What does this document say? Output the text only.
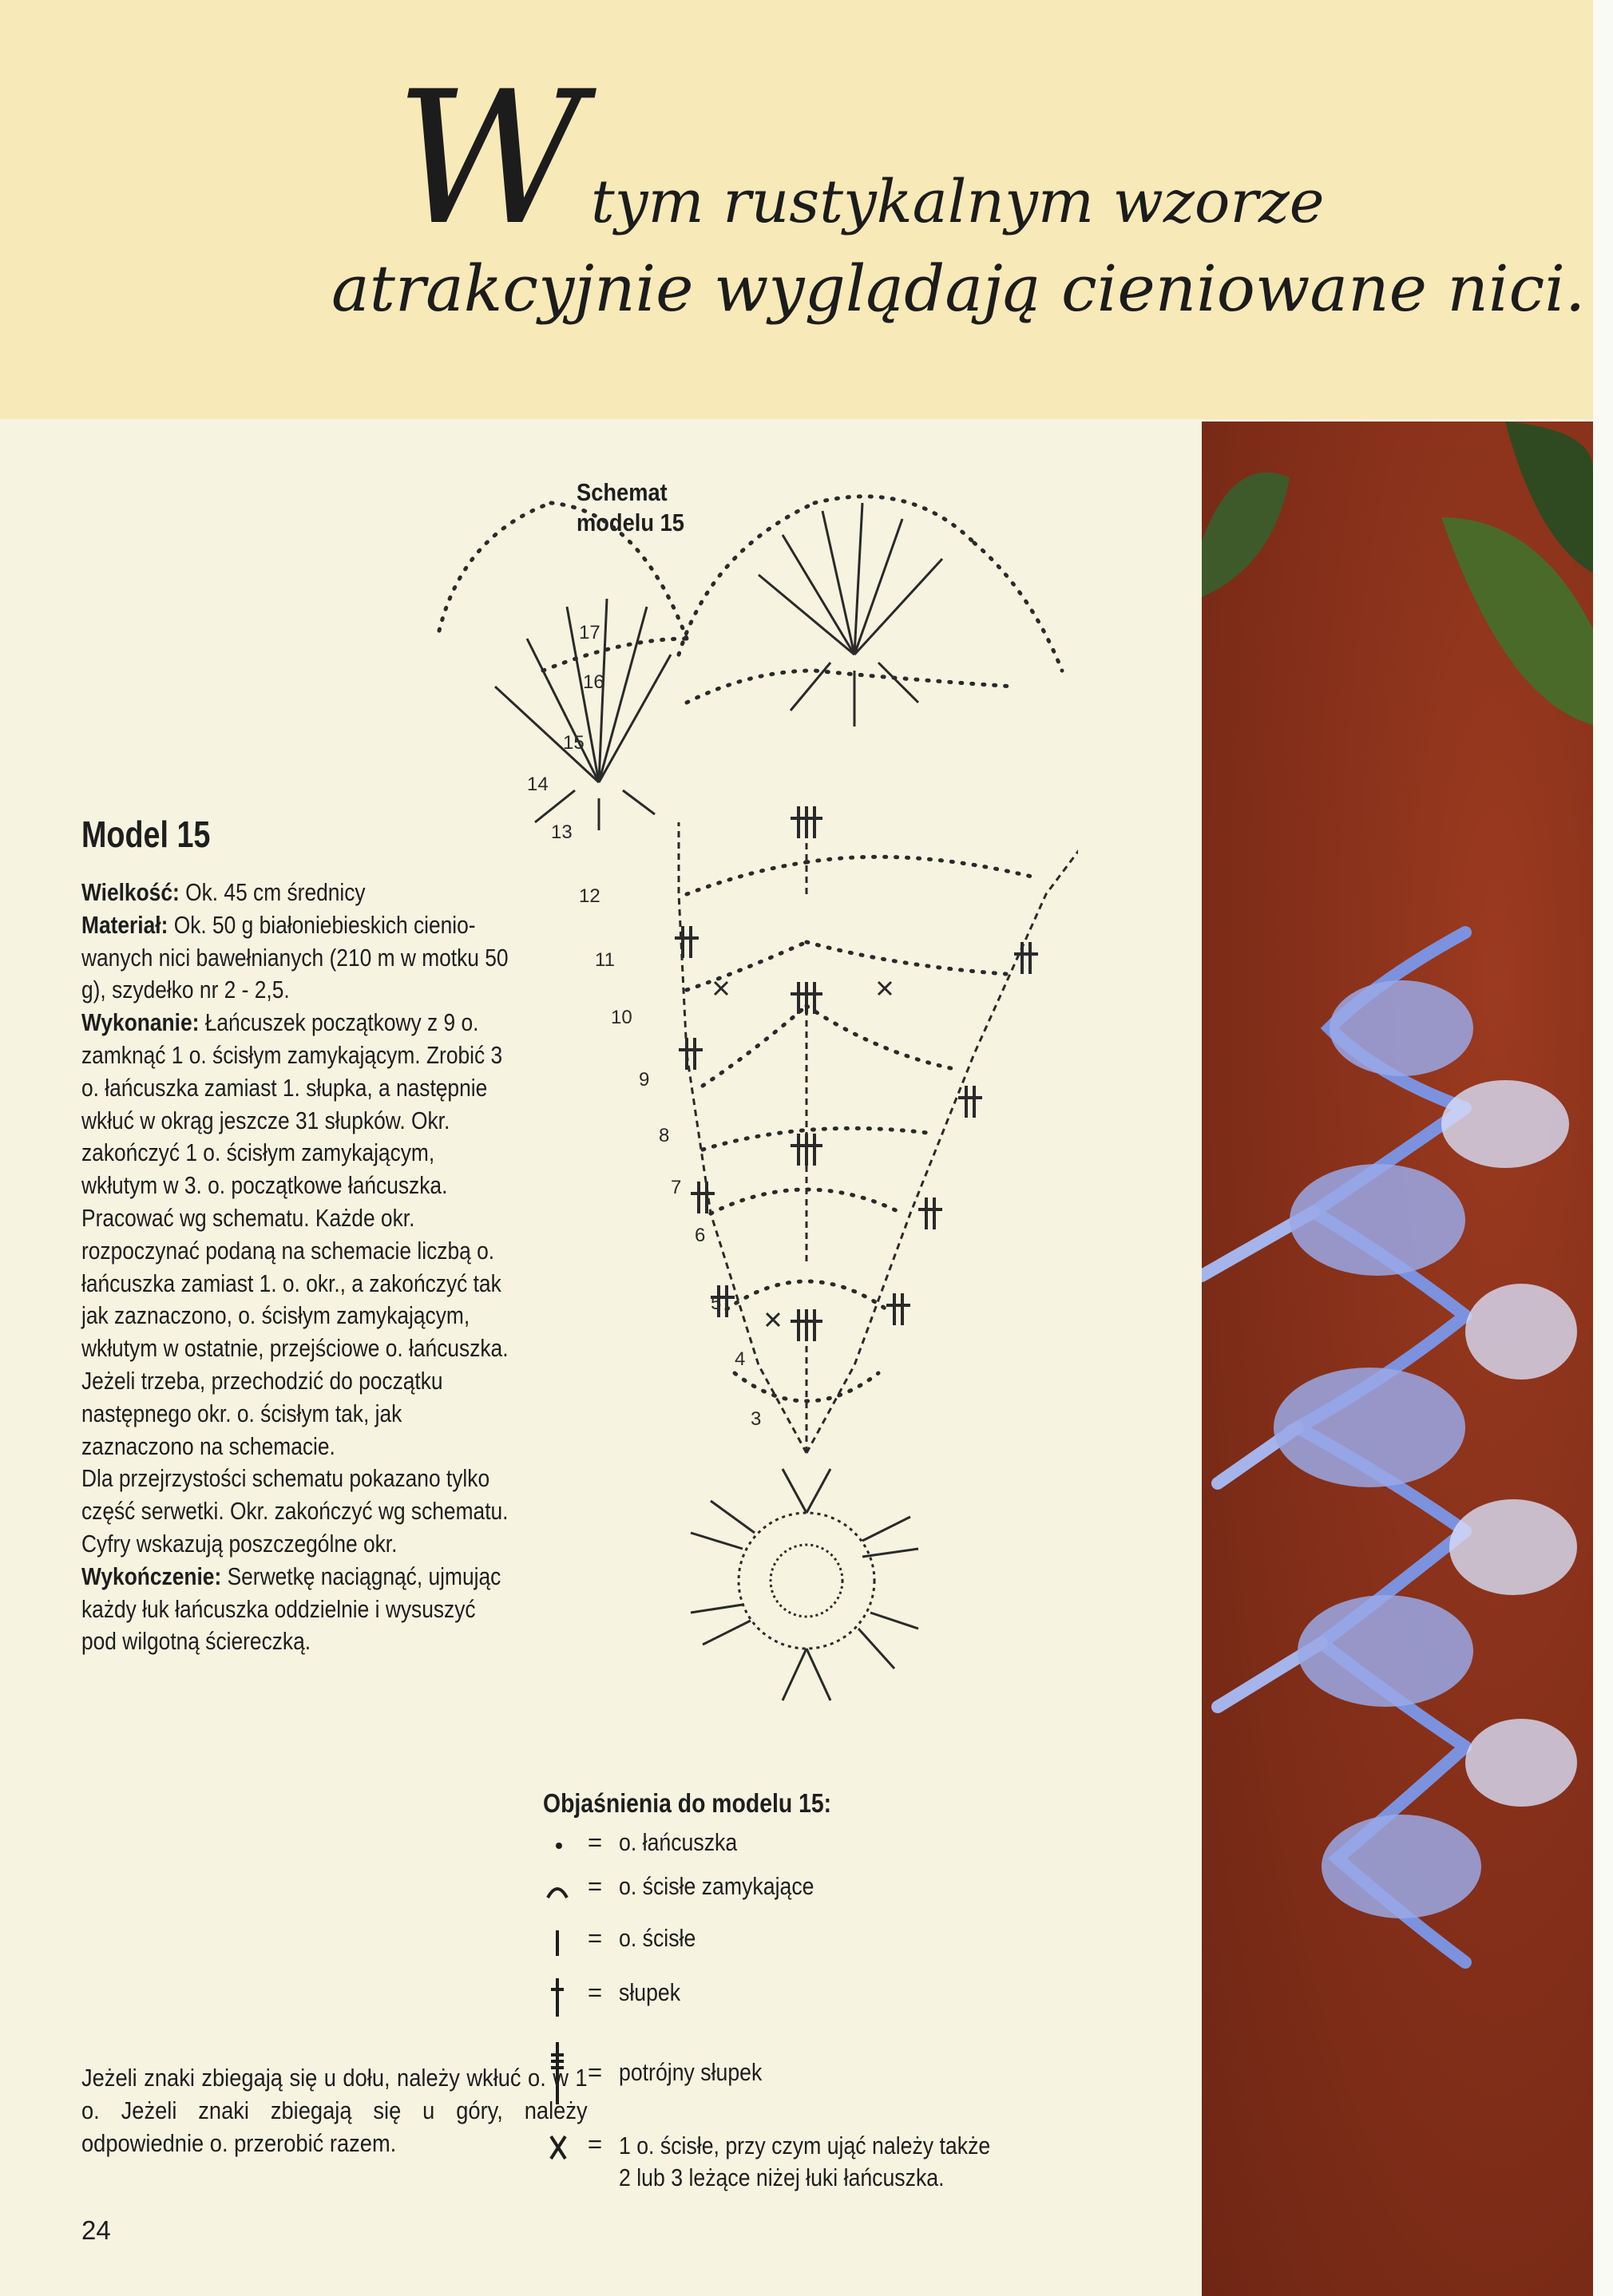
W tym rustykalnym wzorze
atrakcyjnie wyglądają cieniowane nici.
Schemat
modelu 15
3
4
5
6
7
8
9
10
11
12
13
14
15
16
17
Model 15
Wielkość: Ok. 45 cm średnicy
Materiał: Ok. 50 g białoniebieskich cienio-wanych nici bawełnianych (210 m w motku 50 g), szydełko nr 2 - 2,5.
Wykonanie: Łańcuszek początkowy z 9 o. zamknąć 1 o. ścisłym zamykającym. Zrobić 3 o. łańcuszka zamiast 1. słupka, a następnie wkłuć w okrąg jeszcze 31 słupków. Okr. zakończyć 1 o. ścisłym zamykającym, wkłutym w 3. o. początkowe łańcuszka. Pracować wg schematu. Każde okr. rozpoczynać podaną na schemacie liczbą o. łańcuszka zamiast 1. o. okr., a zakończyć tak jak zaznaczono, o. ścisłym zamykającym, wkłutym w ostatnie, przejściowe o. łańcuszka. Jeżeli trzeba, przechodzić do początku następnego okr. o. ścisłym tak, jak zaznaczono na schemacie.
Dla przejrzystości schematu pokazano tylko część serwetki. Okr. zakończyć wg schematu. Cyfry wskazują poszczególne okr.
Wykończenie: Serwetkę naciągnąć, ujmując każdy łuk łańcuszka oddzielnie i wysuszyć pod wilgotną ściereczką.
Objaśnienia do modelu 15:
= o. łańcuszka
= o. ścisłe zamykające
= o. ścisłe
= słupek
= potrójny słupek
= 1 o. ścisłe, przy czym ująć należy także 2 lub 3 leżące niżej łuki łańcuszka.
Jeżeli znaki zbiegają się u dołu, należy wkłuć o. w 1 o. Jeżeli znaki zbiegają się u góry, należy odpowiednie o. przerobić razem.
24
